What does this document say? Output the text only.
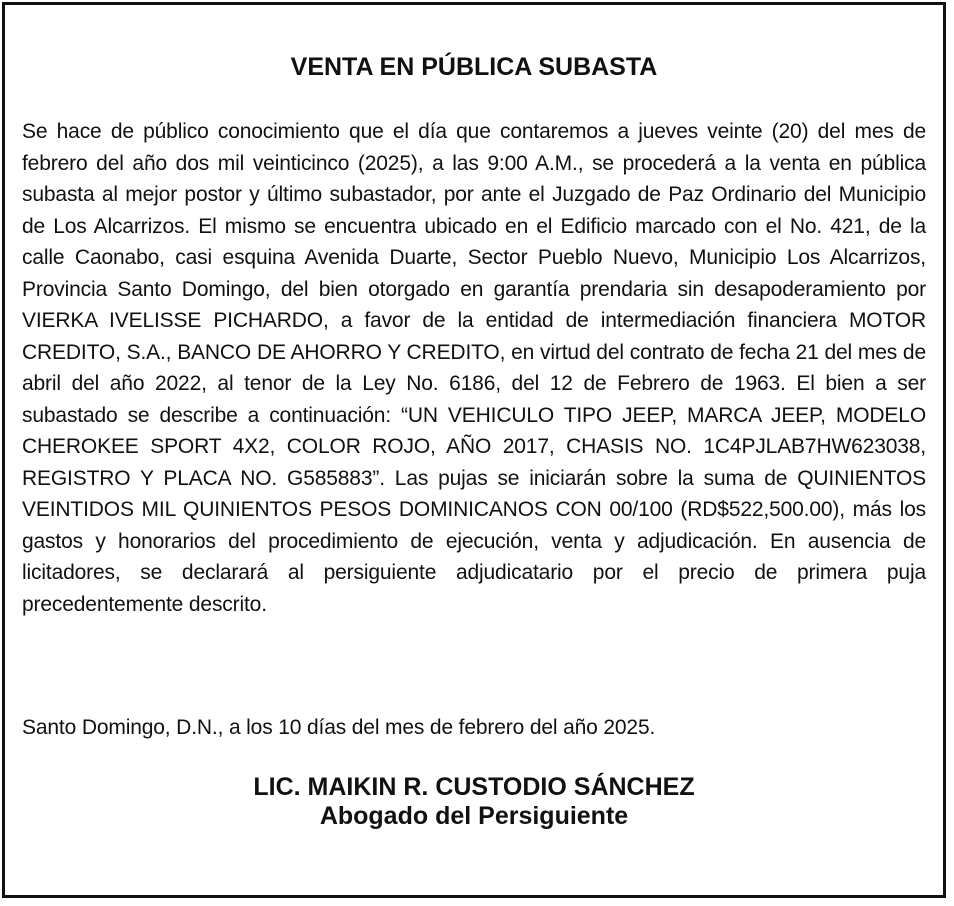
VENTA EN PÚBLICA SUBASTA

Se hace de público conocimiento que el día que contaremos a jueves veinte (20) del mes de febrero del año dos mil veinticinco (2025), a las 9:00 A.M., se procederá a la venta en pública subasta al mejor postor y último subastador, por ante el Juzgado de Paz Ordinario del Municipio de Los Alcarrizos. El mismo se encuentra ubicado en el Edificio marcado con el No. 421, de la calle Caonabo, casi esquina Avenida Duarte, Sector Pueblo Nuevo, Municipio Los Alcarrizos, Provincia Santo Domingo, del bien otorgado en garantía prendaria sin desapoderamiento por VIERKA IVELISSE PICHARDO, a favor de la entidad de intermediación financiera MOTOR CREDITO, S.A., BANCO DE AHORRO Y CREDITO, en virtud del contrato de fecha 21 del mes de abril del año 2022, al tenor de la Ley No. 6186, del 12 de Febrero de 1963. El bien a ser subastado se describe a continuación: “UN VEHICULO TIPO JEEP, MARCA JEEP, MODELO CHEROKEE SPORT 4X2, COLOR ROJO, AÑO 2017, CHASIS NO. 1C4PJLAB7HW623038, REGISTRO Y PLACA NO. G585883”. Las pujas se iniciarán sobre la suma de QUINIENTOS VEINTIDOS MIL QUINIENTOS PESOS DOMINICANOS CON 00/100 (RD$522,500.00), más los gastos y honorarios del procedimiento de ejecución, venta y adjudicación. En ausencia de licitadores, se declarará al persiguiente adjudicatario por el precio de primera puja precedentemente descrito.

Santo Domingo, D.N., a los 10 días del mes de febrero del año 2025.

LIC. MAIKIN R. CUSTODIO SÁNCHEZ
Abogado del Persiguiente
